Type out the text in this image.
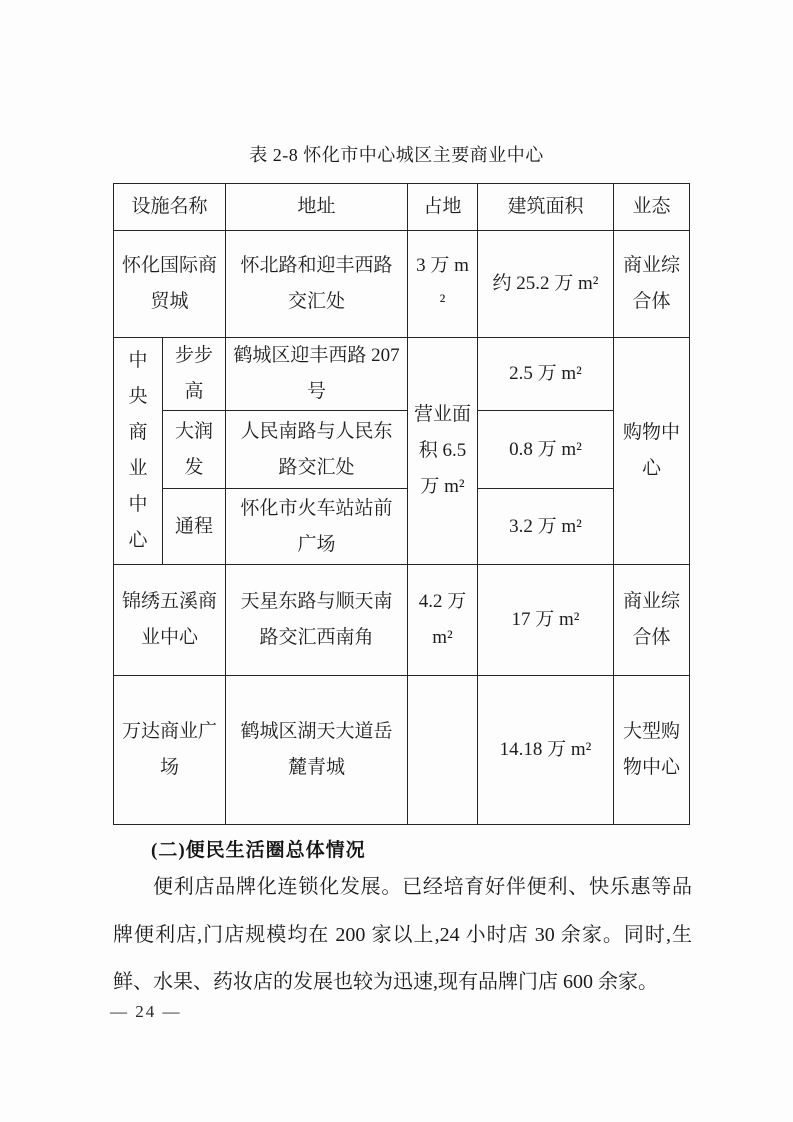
表 2-8 怀化市中心城区主要商业中心
设施名称		地址	占地	建筑面积	业态
怀化国际商贸城		怀北路和迎丰西路交汇处	3 万 m²	约 25.2 万 m²	商业综合体
中央商业中心	步步高	鹤城区迎丰西路 207 号	营业面积 6.5 万 m²	2.5 万 m²	购物中心
	大润发	人民南路与人民东路交汇处		0.8 万 m²	
	通程	怀化市火车站站前广场		3.2 万 m²	
锦绣五溪商业中心		天星东路与顺天南路交汇西南角	4.2 万 m²	17 万 m²	商业综合体
万达商业广场		鹤城区湖天大道岳麓青城		14.18 万 m²	大型购物中心
(二)便民生活圈总体情况

便利店品牌化连锁化发展。已经培育好伴便利、快乐惠等品牌便利店,门店规模均在 200 家以上,24 小时店 30 余家。同时,生鲜、水果、药妆店的发展也较为迅速,现有品牌门店 600 余家。

— 24 —
